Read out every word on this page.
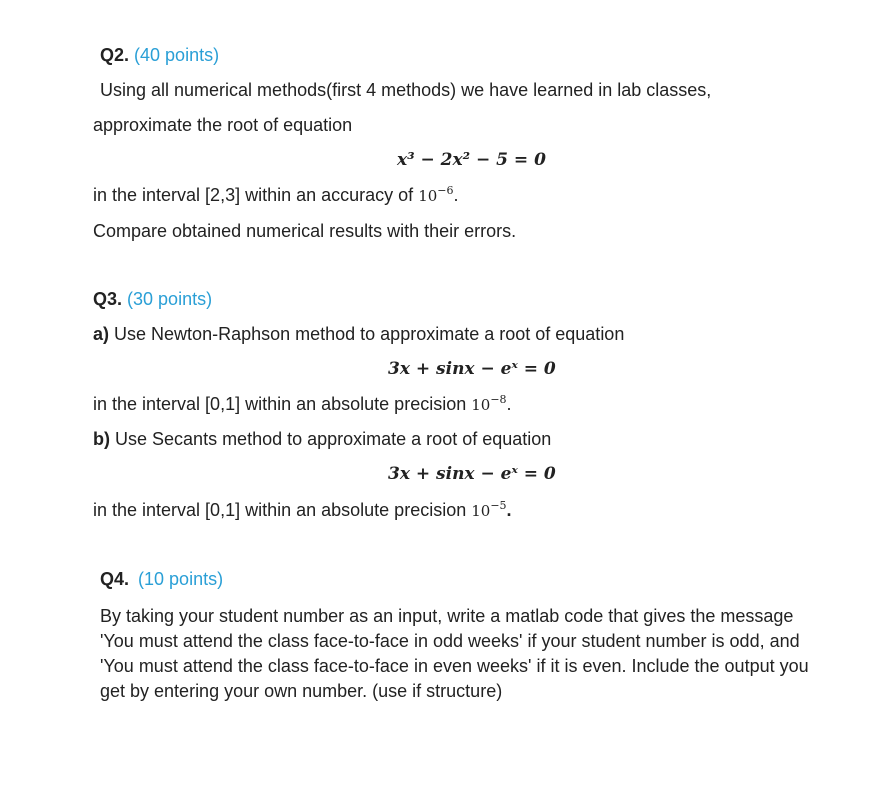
Q2. (40 points)
Using all numerical methods(first 4 methods) we have learned in lab classes,
approximate the root of equation
x³ − 2x² − 5 = 0
in the interval [2,3] within an accuracy of $10^{-6}$.
Compare obtained numerical results with their errors.
Q3. (30 points)
a) Use Newton-Raphson method to approximate a root of equation
3x + sinx − eˣ = 0
in the interval [0,1] within an absolute precision $10^{-8}$.
b) Use Secants method to approximate a root of equation
3x + sinx − eˣ = 0
in the interval [0,1] within an absolute precision $10^{-5}$.
Q4. (10 points)
By taking your student number as an input, write a matlab code that gives the message 'You must attend the class face-to-face in odd weeks' if your student number is odd, and 'You must attend the class face-to-face in even weeks' if it is even. Include the output you get by entering your own number. (use if structure)
